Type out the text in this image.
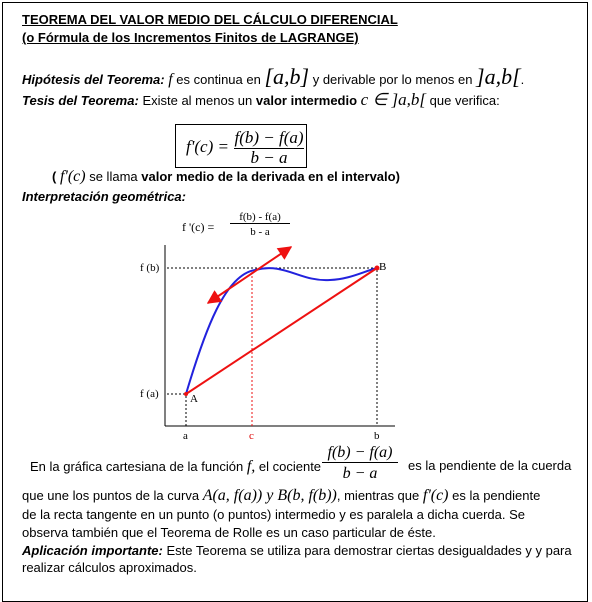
TEOREMA DEL VALOR MEDIO DEL CÁLCULO DIFERENCIAL
(o Fórmula de los Incrementos Finitos de LAGRANGE)
Hipótesis del Teorema: f es continua en [a,b] y derivable por lo menos en ]a,b[.
Tesis del Teorema: Existe al menos un valor intermedio c ∈ ]a,b[ que verifica:
f'(c) = f(b) − f(a)
b − a
( f'(c) se llama valor medio de la derivada en el intervalo)
Interpretación geométrica:
f '(c) =
f(b) - f(a)
b - a
f (b)
f (a)	A
B
a	c	b
En la gráfica cartesiana de la función f, el cociente
f(b) − f(a)
b − a	es la pendiente de la cuerda
que une los puntos de la curva A(a, f(a)) y B(b, f(b)), mientras que f'(c) es la pendiente
de la recta tangente en un punto (o puntos) intermedio y es paralela a dicha cuerda. Se
observa también que el Teorema de Rolle es un caso particular de éste.
Aplicación importante: Este Teorema se utiliza para demostrar ciertas desigualdades y y para
realizar cálculos aproximados.
